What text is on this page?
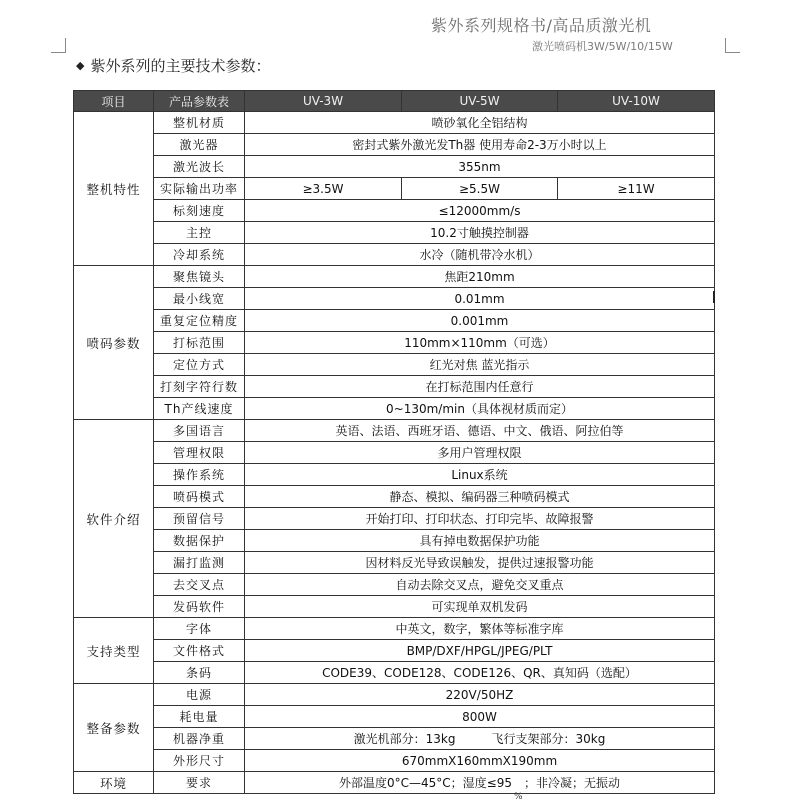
紫外系列规格书/高品质激光机
激光喷码机3W/5W/10/15W
◆ 紫外系列的主要技术参数：
项目	产品参数表	UV-3W	UV-5W	UV-10W
整机特性	整机材质	喷砂氧化全铝结构		
	激光器	密封式紫外激光发Th器 使用寿命2-3万小时以上		
	激光波长	355nm		
	实际输出功率	≥3.5W	≥5.5W	≥11W
	标刻速度	≤12000mm/s		
	主控	10.2寸触摸控制器		
	冷却系统	水冷（随机带冷水机）		
喷码参数	聚焦镜头	焦距210mm		
	最小线宽	0.01mm		
	重复定位精度	0.001mm		
	打标范围	110mm×110mm（可选）		
	定位方式	红光对焦 蓝光指示		
	打刻字符行数	在打标范围内任意行		
	Th产线速度	0~130m/min（具体视材质而定）		
软件介绍	多国语言	英语、法语、西班牙语、德语、中文、俄语、阿拉伯等		
	管理权限	多用户管理权限		
	操作系统	Linux系统		
	喷码模式	静态、模拟、编码器三种喷码模式		
	预留信号	开始打印、打印状态、打印完毕、故障报警		
	数据保护	具有掉电数据保护功能		
	漏打监测	因材料反光导致误触发，提供过速报警功能		
	去交叉点	自动去除交叉点，避免交叉重点		
	发码软件	可实现单双机发码		
支持类型	字体	中英文，数字，繁体等标准字库		
	文件格式	BMP/DXF/HPGL/JPEG/PLT		
	条码	CODE39、CODE128、CODE126、QR、真知码（选配）		
整备参数	电源	220V/50HZ		
	耗电量	800W		
	机器净重	激光机部分：13kg　　　飞行支架部分：30kg		
	外形尺寸	670mmX160mmX190mm		
环境	要求	外部温度0°C—45°C；湿度≤95　；非冷凝；无振动		
%
